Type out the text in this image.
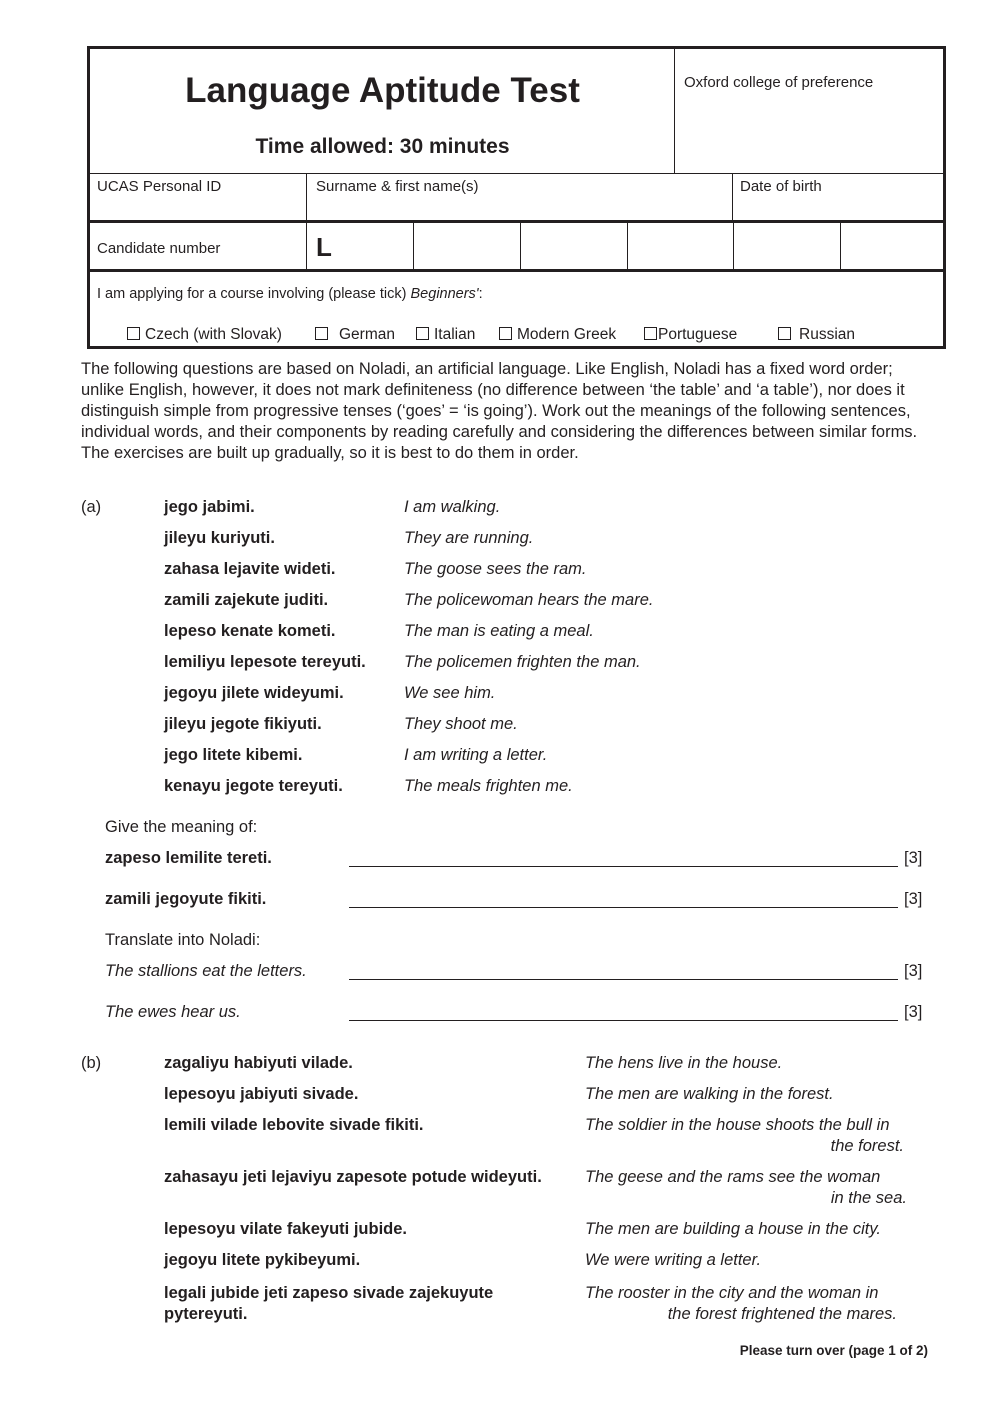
Language Aptitude Test
Time allowed: 30 minutes
Oxford college of preference
UCAS Personal ID	Surname & first name(s)	Date of birth
Candidate number	L
I am applying for a course involving (please tick) Beginners':
Czech (with Slovak)	German	Italian	Modern Greek	Portuguese	Russian
The following questions are based on Noladi, an artificial language. Like English, Noladi has a fixed word order; unlike English, however, it does not mark definiteness (no difference between ‘the table’ and ‘a table’), nor does it distinguish simple from progressive tenses (‘goes’ = ‘is going’). Work out the meanings of the following sentences, individual words, and their components by reading carefully and considering the differences between similar forms. The exercises are built up gradually, so it is best to do them in order.
(a)	jego jabimi.	I am walking.
jileyu kuriyuti.	They are running.
zahasa lejavite wideti.	The goose sees the ram.
zamili zajekute juditi.	The policewoman hears the mare.
lepeso kenate kometi.	The man is eating a meal.
lemiliyu lepesote tereyuti. The policemen frighten the man.
jegoyu jilete wideyumi.	We see him.
jileyu jegote fikiyuti.	They shoot me.
jego litete kibemi.	I am writing a letter.
kenayu jegote tereyuti.	The meals frighten me.
Give the meaning of:
zapeso lemilite tereti.	[3]
zamili jegoyute fikiti.	[3]
Translate into Noladi:
The stallions eat the letters.	[3]
The ewes hear us.	[3]
(b)	zagaliyu habiyuti vilade.	The hens live in the house.
lepesoyu jabiyuti sivade.	The men are walking in the forest.
lemili vilade lebovite sivade fikiti.	The soldier in the house shoots the bull in
the forest.
zahasayu jeti lejaviyu zapesote potude wideyuti.	The geese and the rams see the woman
in the sea.
lepesoyu vilate fakeyuti jubide.	The men are building a house in the city.
jegoyu litete pykibeyumi.	We were writing a letter.
legali jubide jeti zapeso sivade zajekuyute
pytereyuti.
The rooster in the city and the woman in
the forest frightened the mares.
Please turn over (page 1 of 2)
